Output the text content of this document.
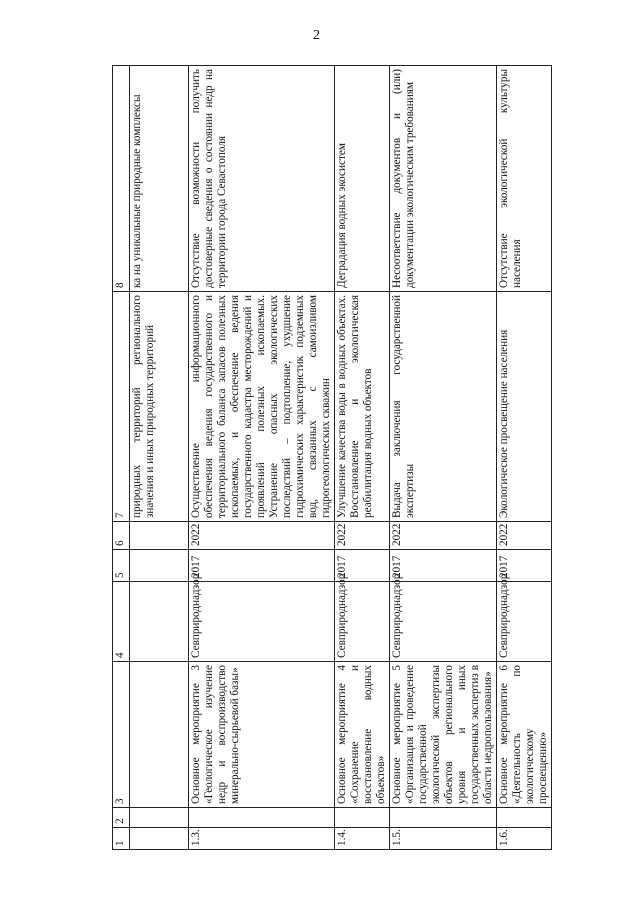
2
1	2	3	4	5	6	7	8
						природных территорий регионального значения и иных природных территорий	ка на уникальные природные комплексы
1.3.		Основное мероприятие 3 «Геологическое изучение недр и воспроизводство минерально-сырьевой базы»	Севприроднадзор	2017	2022	Осуществление информационного обеспечения ведения государственного и территориального баланса запасов полезных ископаемых, и обеспечение ведения государственного кадастра месторождений и проявлений полезных ископаемых. Устранение опасных экологических последствий – подтопление, ухудшение гидрохимических характеристик подземных вод, связанных с самоизливом гидрогеологических скважин	Отсутствие возможности получить достоверные сведения о состоянии недр на территории города Севастополя
1.4.		Основное мероприятие 4 «Сохранение и восстановление водных объектов»	Севприроднадзор	2017	2022	Улучшение качества воды в водных объектах. Восстановление и экологическая реабилитация водных объектов	Деградация водных экосистем
1.5.		Основное мероприятие 5 «Организация и проведение государственной экологической экспертизы объектов регионального уровня и иных государственных экспертиз в области недропользования»	Севприроднадзор	2017	2022	Выдача заключения государственной экспертизы	Несоответствие документов и (или) документации экологическим требованиям
1.6.		Основное мероприятие 6 «Деятельность по экологическому просвещению»	Севприроднадзор	2017	2022	Экологическое просвещение населения	Отсутствие экологической культуры населения
